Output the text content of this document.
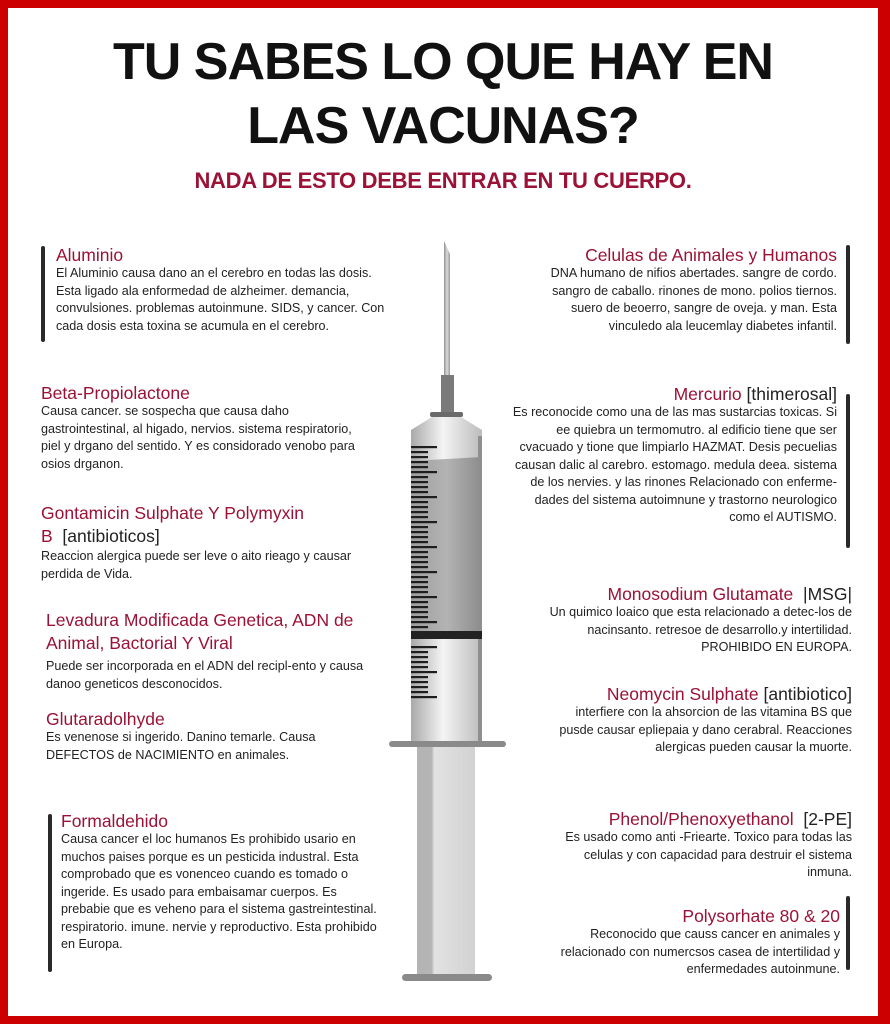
TU SABES LO QUE HAY EN
LAS VACUNAS?
NADA DE ESTO DEBE ENTRAR EN TU CUERPO.
Aluminio

El Aluminio causa dano an el cerebro en todas las dosis. Esta ligado ala enformedad de alzheimer. demancia, convulsiones. problemas autoinmune. SIDS, y cancer. Con cada dosis esta toxina se acumula en el cerebro.

Beta-Propiolactone

Causa cancer. se sospecha que causa daho gastrointestinal, al higado, nervios. sistema respiratorio, piel y drgano del sentido. Y es considorado venobo para osios drganon.

Gontamicin Sulphate Y Polymyxin B [antibioticos]

Reaccion alergica puede ser leve o aito rieago y causar perdida de Vida.

Levadura Modificada Genetica, ADN de Animal, Bactorial Y Viral

Puede ser incorporada en el ADN del recipl-ento y causa danoo geneticos desconocidos.

Glutaradolhyde

Es venenose si ingerido. Danino temarle. Causa DEFECTOS de NACIMIENTO en animales.

Formaldehido

Causa cancer el loc humanos Es prohibido usario en muchos paises porque es un pesticida industral. Esta comprobado que es vonenceo cuando es tomado o ingeride. Es usado para embaisamar cuerpos. Es prebabie que es veheno para el sistema gastreintestinal. respiratorio. imune. nervie y reproductivo. Esta prohibido en Europa.

Celulas de Animales y Humanos

DNA humano de nifios abertades. sangre de cordo. sangro de caballo. rinones de mono. polios tiernos. suero de beoerro, sangre de oveja. y man. Esta vinculedo ala leucemlay diabetes infantil.

Mercurio [thimerosal]

Es reconocide como una de las mas sustarcias toxicas. Si ee quiebra un termomutro. al edificio tiene que ser cvacuado y tione que limpiarlo HAZMAT. Desis pecuelias causan dalic al carebro. estomago. medula deea. sistema de los nervies. y las rinones Relacionado con enferme-dades del sistema autoimnune y trastorno neurologico como el AUTISMO.

Monosodium Glutamate |MSG|

Un quimico loaico que esta relacionado a detec-los de nacinsanto. retresoe de desarrollo.y intertilidad. PROHIBIDO EN EUROPA.

Neomycin Sulphate [antibiotico]

interfiere con la ahsorcion de las vitamina BS que pusde causar epliepaia y dano cerabral. Reacciones alergicas pueden causar la muorte.

Phenol/Phenoxyethanol [2-PE]

Es usado como anti -Friearte. Toxico para todas las celulas y con capacidad para destruir el sistema inmuna.

Polysorhate 80 & 20

Reconocido que causs cancer en animales y relacionado con numercsos casea de intertilidad y enfermedades autoinmune.
